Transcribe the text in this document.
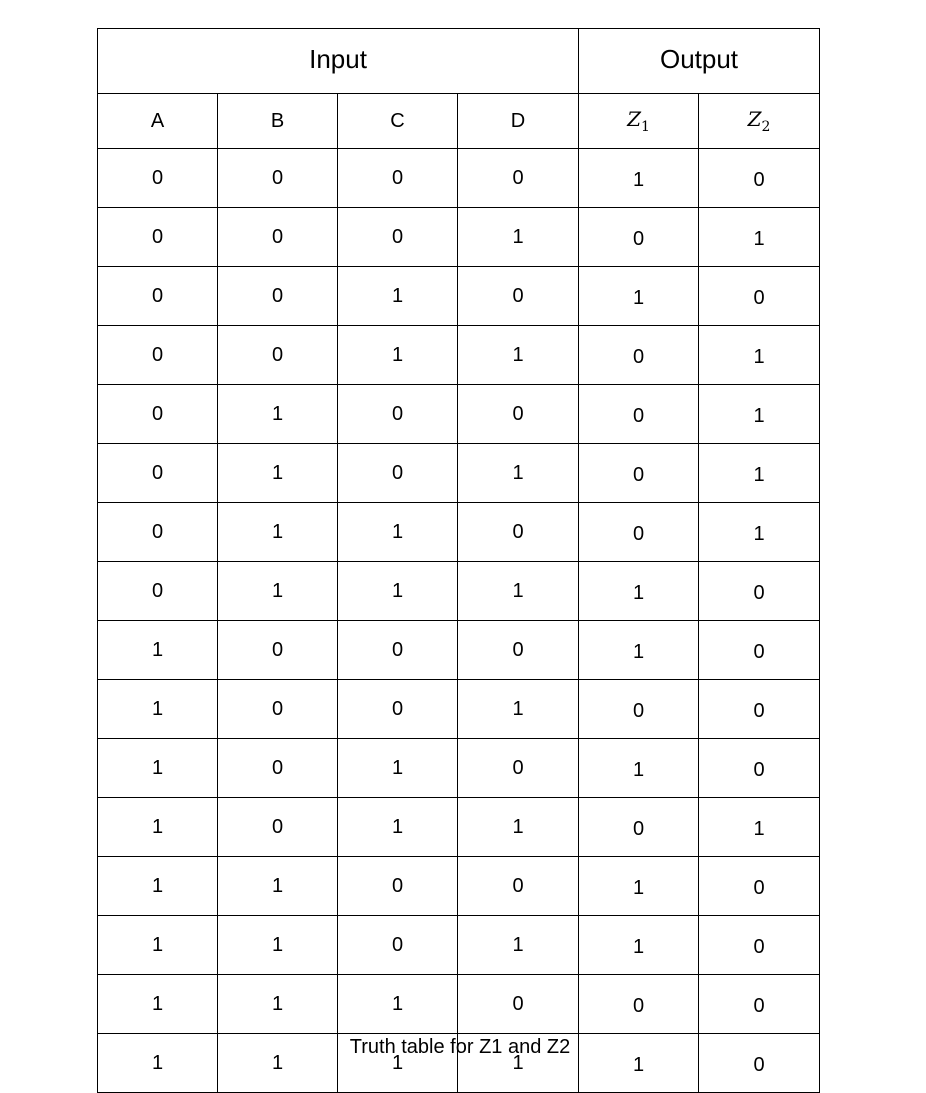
Input				Output	
A	B	C	D	$Z_1$	$Z_2$
0	0	0	0	1	0
0	0	0	1	0	1
0	0	1	0	1	0
0	0	1	1	0	1
0	1	0	0	0	1
0	1	0	1	0	1
0	1	1	0	0	1
0	1	1	1	1	0
1	0	0	0	1	0
1	0	0	1	0	0
1	0	1	0	1	0
1	0	1	1	0	1
1	1	0	0	1	0
1	1	0	1	1	0
1	1	1	0	0	0
1	1	1	1	1	0
Truth table for Z1 and Z2
